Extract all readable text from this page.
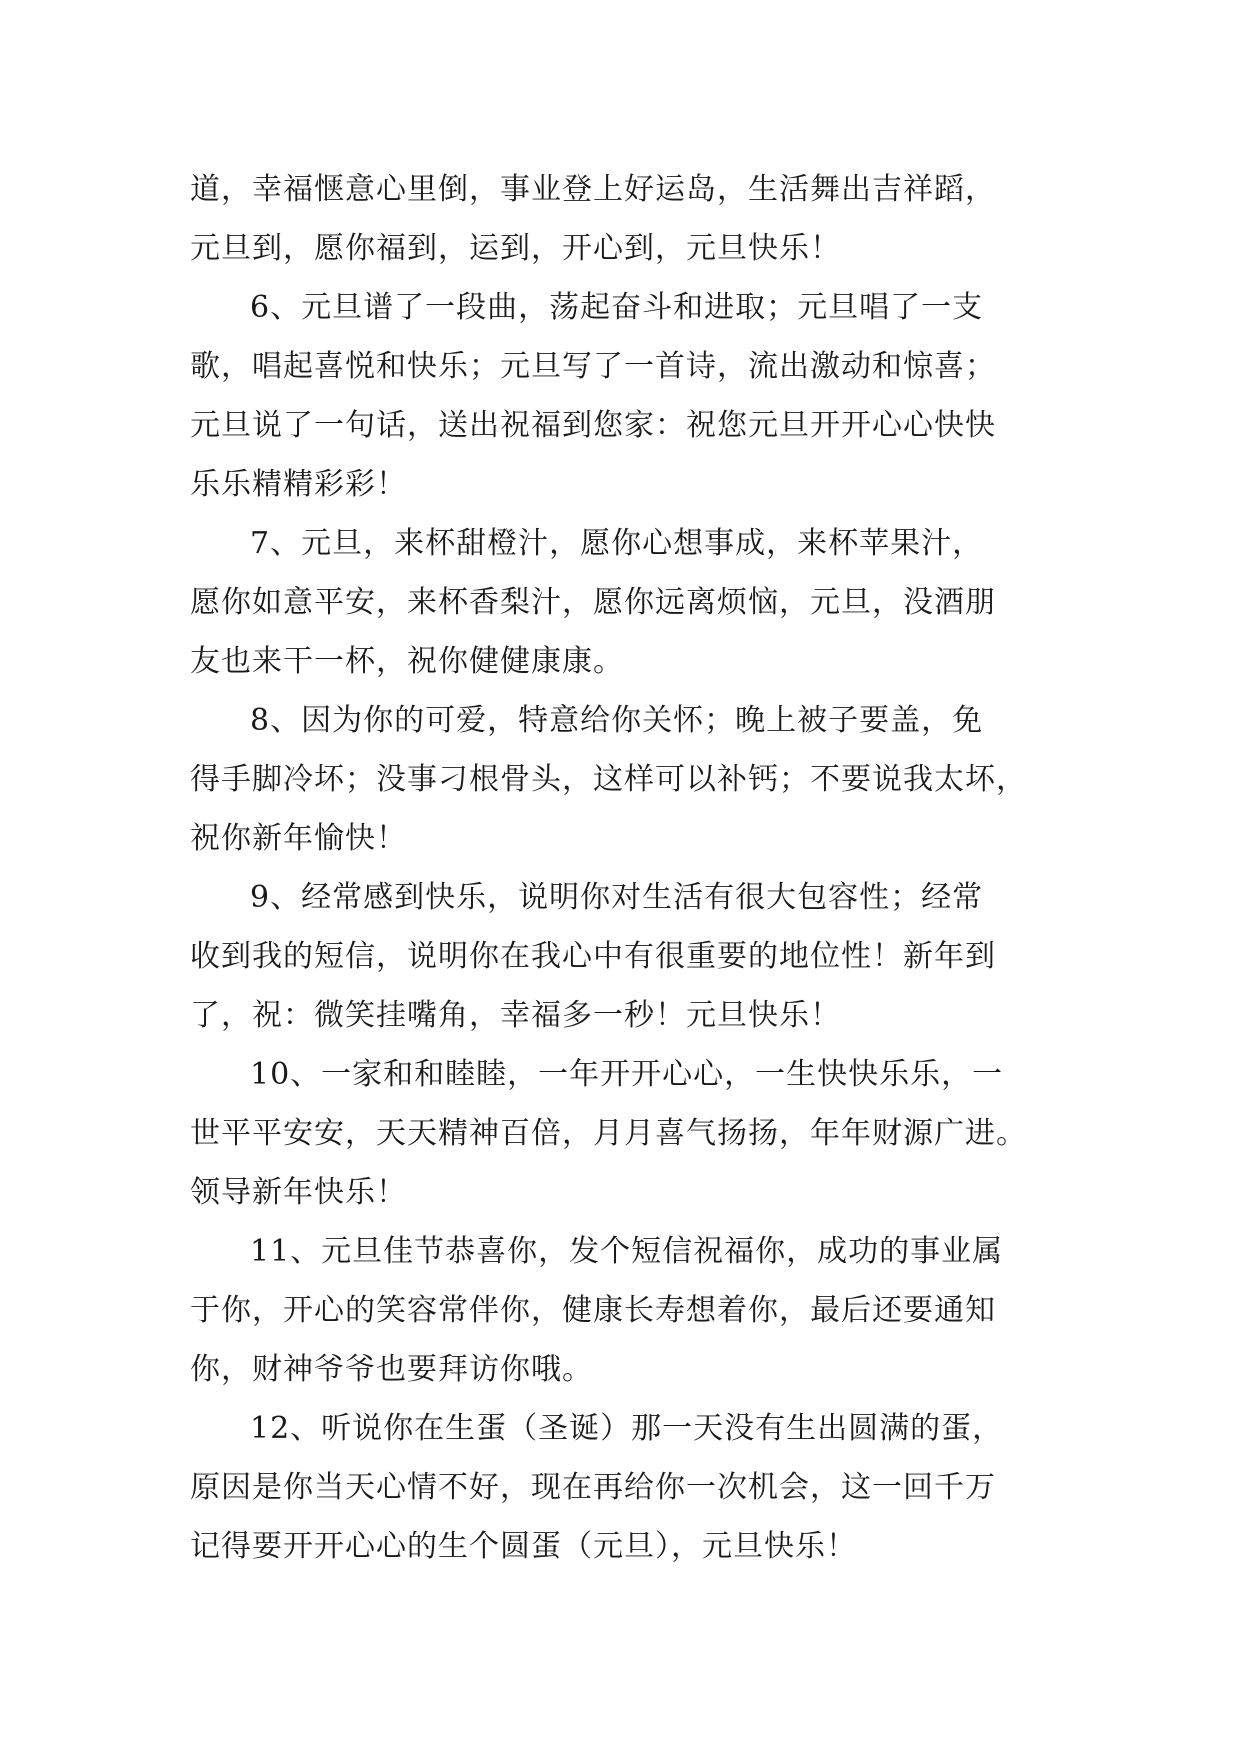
道，幸福惬意心里倒，事业登上好运岛，生活舞出吉祥蹈，
元旦到，愿你福到，运到，开心到，元旦快乐！

6、元旦谱了一段曲，荡起奋斗和进取；元旦唱了一支
歌，唱起喜悦和快乐；元旦写了一首诗，流出激动和惊喜；
元旦说了一句话，送出祝福到您家：祝您元旦开开心心快快
乐乐精精彩彩！

7、元旦，来杯甜橙汁，愿你心想事成，来杯苹果汁，
愿你如意平安，来杯香梨汁，愿你远离烦恼，元旦，没酒朋
友也来干一杯，祝你健健康康。

8、因为你的可爱，特意给你关怀；晚上被子要盖，免
得手脚冷坏；没事刁根骨头，这样可以补钙；不要说我太坏，
祝你新年愉快！

9、经常感到快乐，说明你对生活有很大包容性；经常
收到我的短信，说明你在我心中有很重要的地位性！新年到
了，祝：微笑挂嘴角，幸福多一秒！元旦快乐！

10、一家和和睦睦，一年开开心心，一生快快乐乐，一
世平平安安，天天精神百倍，月月喜气扬扬，年年财源广进。
领导新年快乐！

11、元旦佳节恭喜你，发个短信祝福你，成功的事业属
于你，开心的笑容常伴你，健康长寿想着你，最后还要通知
你，财神爷爷也要拜访你哦。

12、听说你在生蛋（圣诞）那一天没有生出圆满的蛋，
原因是你当天心情不好，现在再给你一次机会，这一回千万
记得要开开心心的生个圆蛋（元旦），元旦快乐！
